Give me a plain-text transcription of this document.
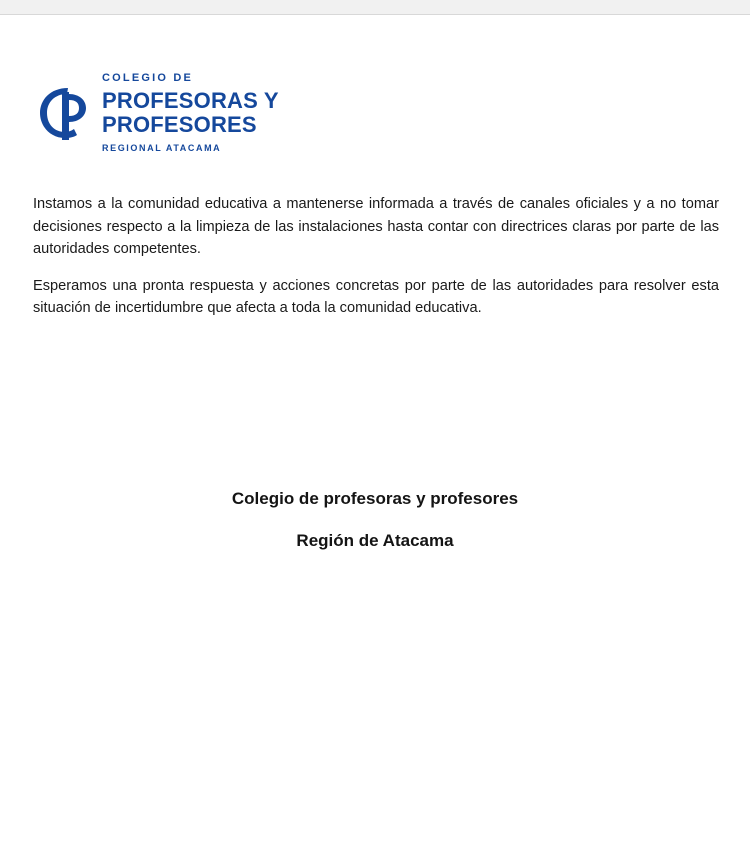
COLEGIO DE
PROFESORAS Y
PROFESORES
REGIONAL ATACAMA

Instamos a la comunidad educativa a mantenerse informada a través de canales oficiales y a no tomar decisiones respecto a la limpieza de las instalaciones hasta contar con directrices claras por parte de las autoridades competentes.

Esperamos una pronta respuesta y acciones concretas por parte de las autoridades para resolver esta situación de incertidumbre que afecta a toda la comunidad educativa.

Colegio de profesoras y profesores
Región de Atacama
